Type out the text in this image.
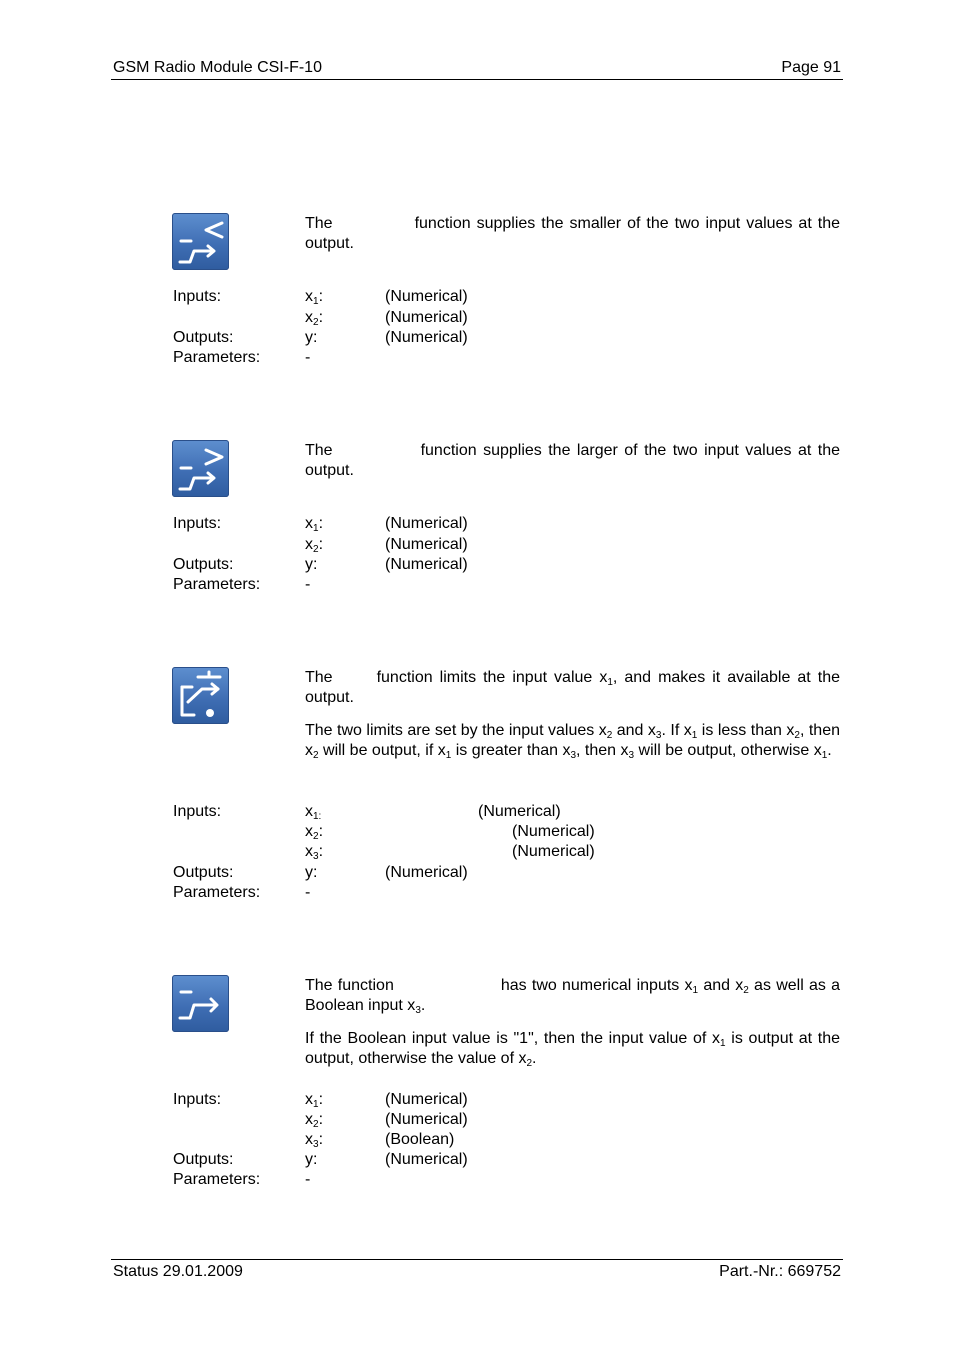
GSM Radio Module CSI-F-10	Page 91
The	function supplies the smaller of the two input values at the output.
Inputs:	$x_1$:	(Numerical)
$x_2$:	(Numerical)
Outputs:	y:	(Numerical)
Parameters:	-
The	function supplies the larger of the two input values at the output.
Inputs:	$x_1$:	(Numerical)
$x_2$:	(Numerical)
Outputs:	y:	(Numerical)
Parameters:	-
The	function limits the input value $x_1$, and makes it available at the output.
The two limits are set by the input values $x_2$ and $x_3$. If $x_1$ is less than $x_2$, then $x_2$ will be output, if $x_1$ is greater than $x_3$, then $x_3$ will be output, otherwise $x_1$.
Inputs:	$x_{1:}$	(Numerical)
$x_2$:	(Numerical)
$x_3$:	(Numerical)
Outputs:	y:	(Numerical)
Parameters:	-
The function	has two numerical inputs $x_1$ and $x_2$ as well as a Boolean input $x_3$.
If the Boolean input value is "1", then the input value of $x_1$ is output at the output, otherwise the value of $x_2$.
Inputs:	$x_1$:	(Numerical)
$x_2$:	(Numerical)
$x_3$:	(Boolean)
Outputs:	y:	(Numerical)
Parameters:	-
Status 29.01.2009	Part.-Nr.: 669752
